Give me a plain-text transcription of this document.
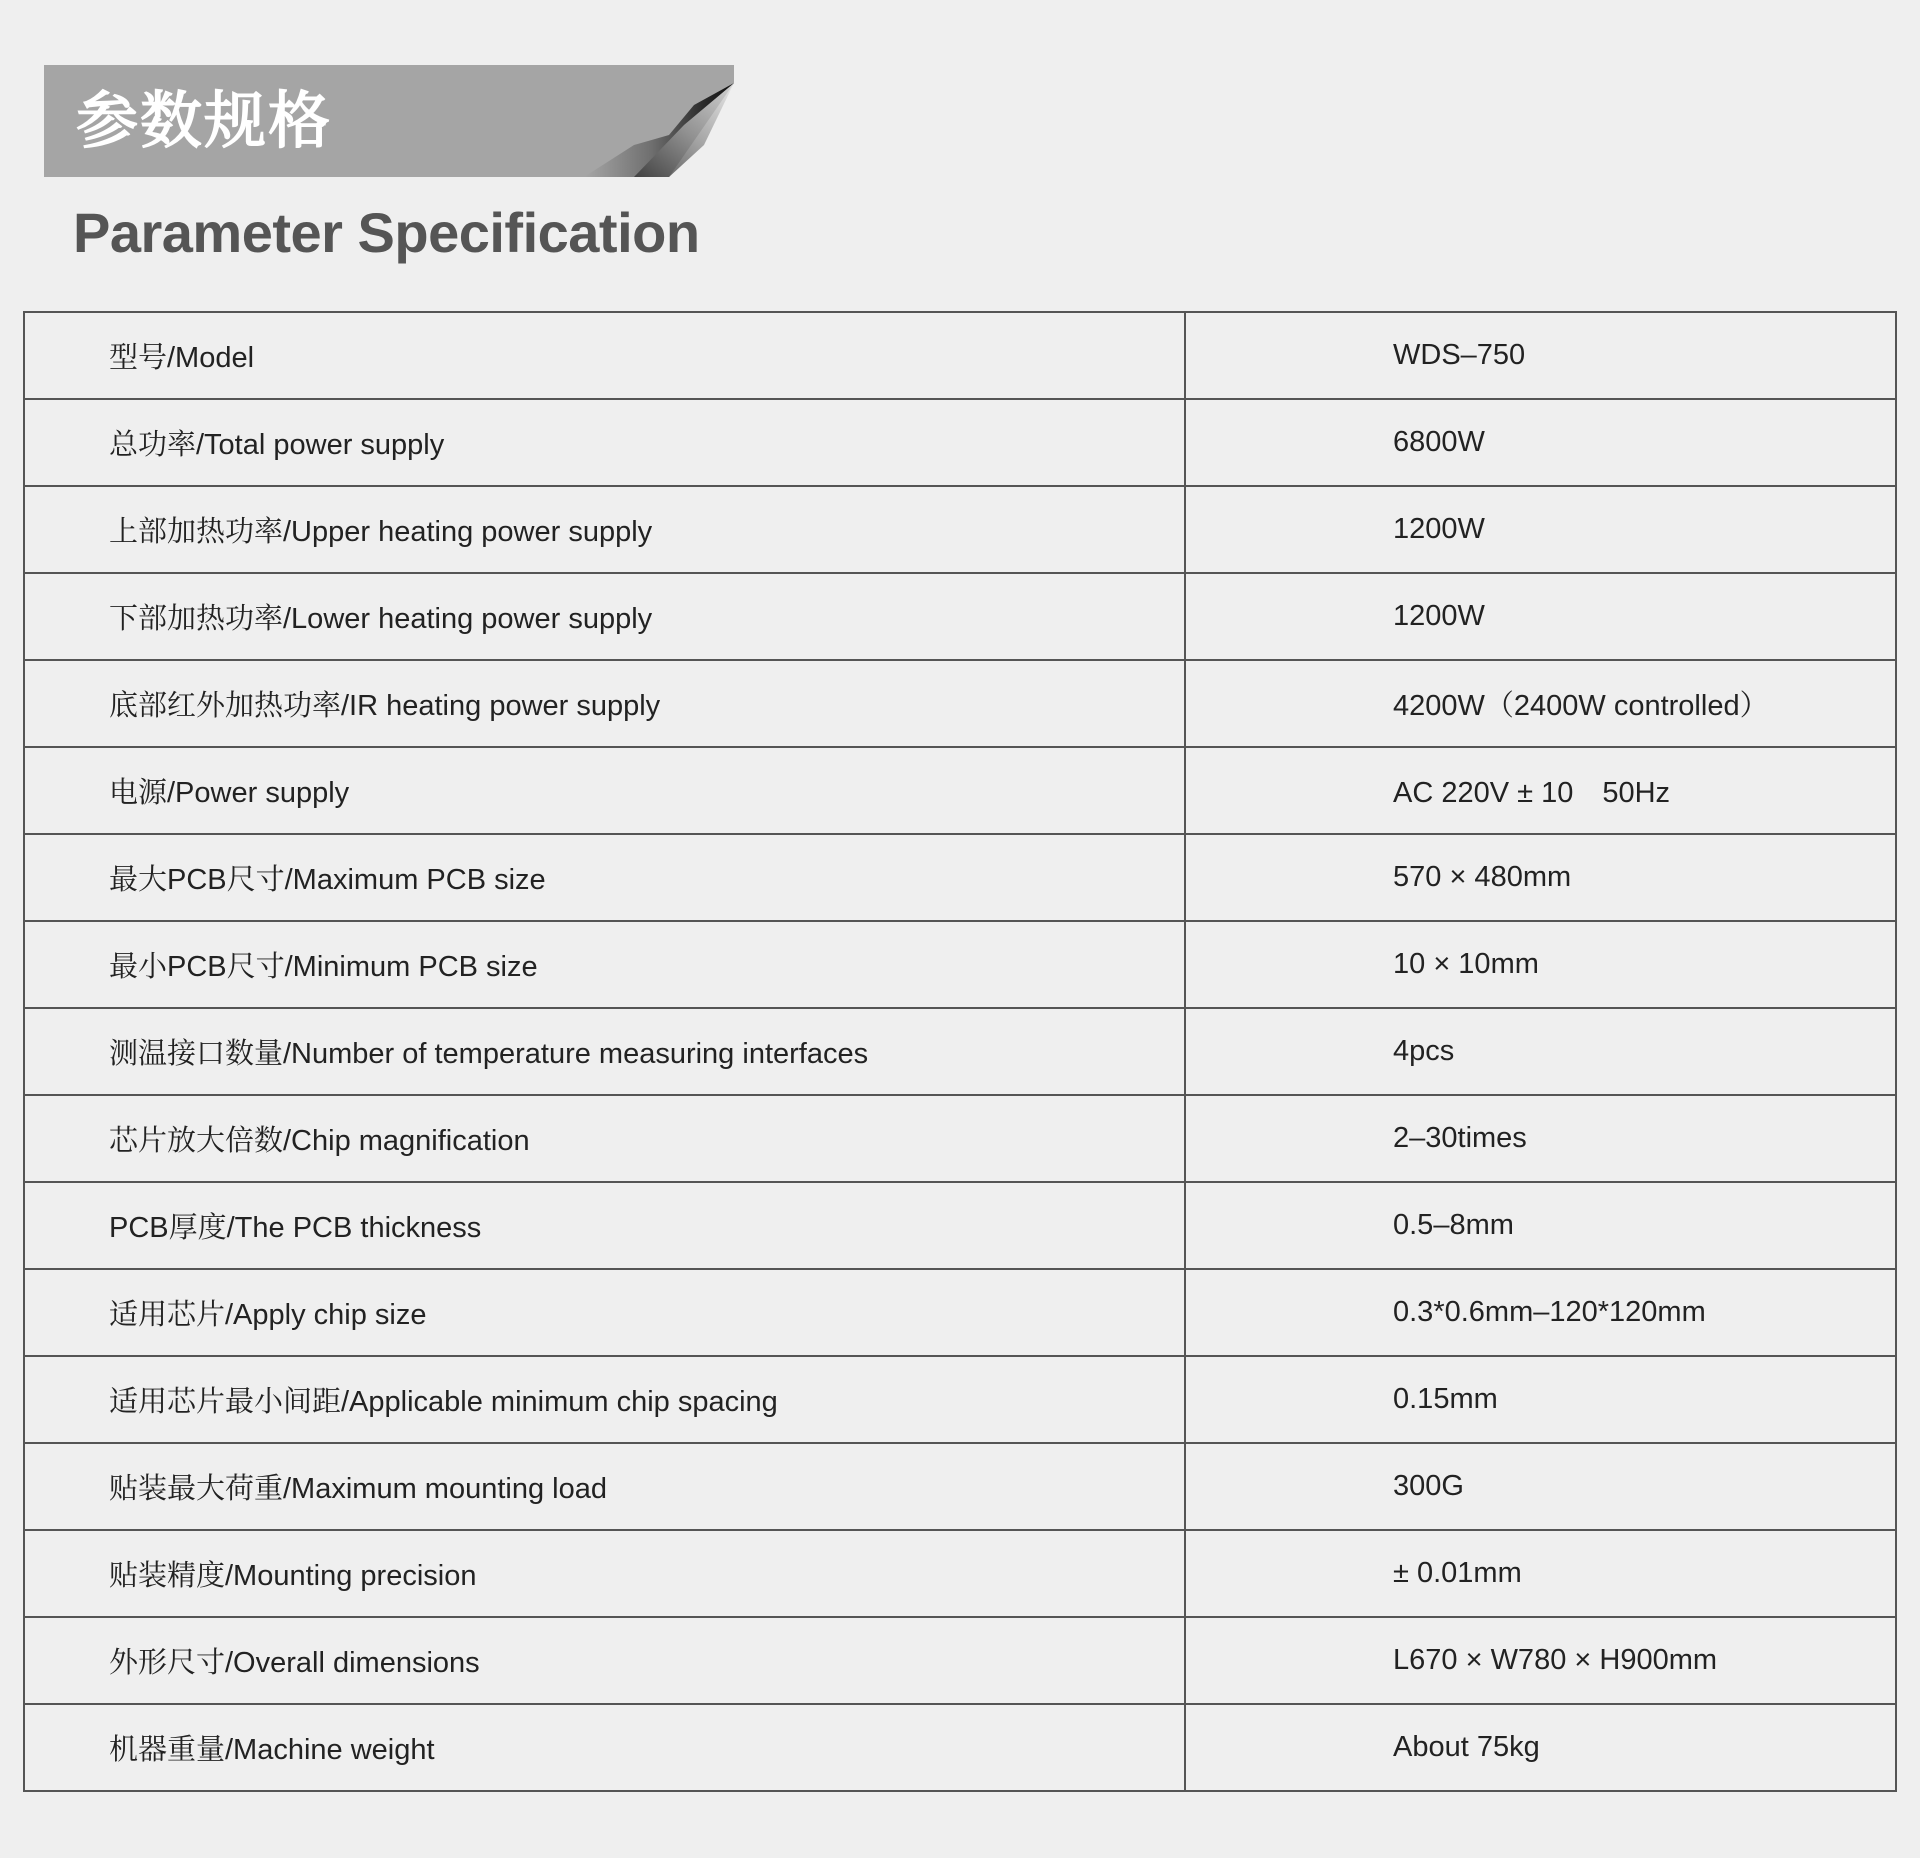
参数规格
Parameter Specification
型号/Model	WDS–750
总功率/Total power supply	6800W
上部加热功率/Upper heating power supply	1200W
下部加热功率/Lower heating power supply	1200W
底部红外加热功率/IR heating power supply	4200W（2400W controlled）
电源/Power supply	AC 220V ± 10　50Hz
最大PCB尺寸/Maximum PCB size	570 × 480mm
最小PCB尺寸/Minimum PCB size	10 × 10mm
测温接口数量/Number of temperature measuring interfaces	4pcs
芯片放大倍数/Chip magnification	2–30times
PCB厚度/The PCB thickness	0.5–8mm
适用芯片/Apply chip size	0.3*0.6mm–120*120mm
适用芯片最小间距/Applicable minimum chip spacing	0.15mm
贴装最大荷重/Maximum mounting load	300G
贴装精度/Mounting precision	± 0.01mm
外形尺寸/Overall dimensions	L670 × W780 × H900mm
机器重量/Machine weight	About 75kg
